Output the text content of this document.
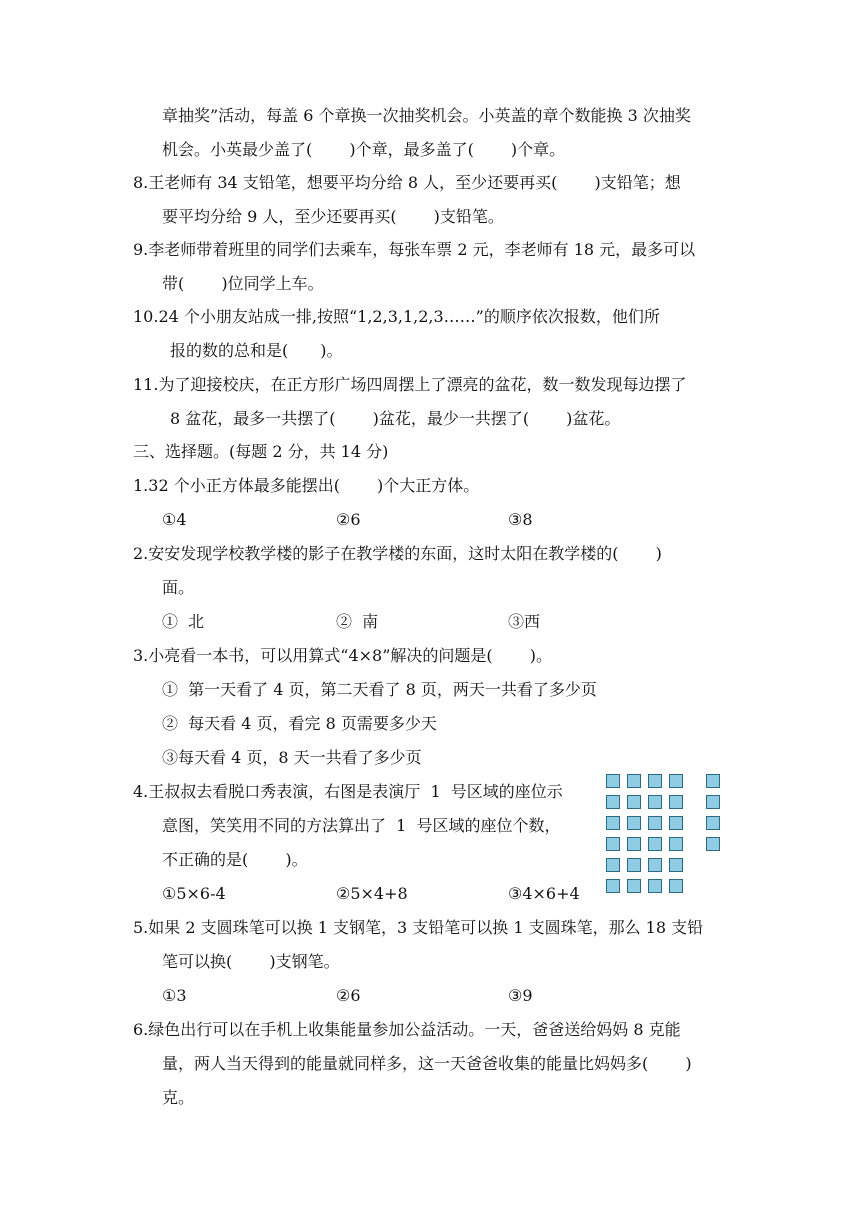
章抽奖”活动，每盖 6 个章换一次抽奖机会。小英盖的章个数能换 3 次抽奖
机会。小英最少盖了(　　 )个章，最多盖了(　　 )个章。
8.王老师有 34 支铅笔，想要平均分给 8 人，至少还要再买(　　 )支铅笔；想
要平均分给 9 人，至少还要再买(　　 )支铅笔。
9.李老师带着班里的同学们去乘车，每张车票 2 元，李老师有 18 元，最多可以
带(　　 )位同学上车。
10.24 个小朋友站成一排,按照“1,2,3,1,2,3……”的顺序依次报数，他们所
报的数的总和是(　　)。
11.为了迎接校庆，在正方形广场四周摆上了漂亮的盆花，数一数发现每边摆了
8 盆花，最多一共摆了(　　 )盆花，最少一共摆了(　　 )盆花。
三、选择题。(每题 2 分，共 14 分)
1.32 个小正方体最多能摆出(　　 )个大正方体。
①4	②6	③8
2.安安发现学校教学楼的影子在教学楼的东面，这时太阳在教学楼的(　　 )
面。
①  北	②  南	③西
3.小亮看一本书，可以用算式“4×8”解决的问题是(　　 )。
①  第一天看了 4 页，第二天看了 8 页，两天一共看了多少页
②  每天看 4 页，看完 8 页需要多少天
③每天看 4 页，8 天一共看了多少页
4.王叔叔去看脱口秀表演，右图是表演厅  1  号区域的座位示
意图，笑笑用不同的方法算出了  1  号区域的座位个数，
不正确的是(　　 )。
①5×6-4	②5×4+8	③4×6+4
5.如果 2 支圆珠笔可以换 1 支钢笔，3 支铅笔可以换 1 支圆珠笔，那么 18 支铅
笔可以换(　　 )支钢笔。
①3	②6	③9
6.绿色出行可以在手机上收集能量参加公益活动。一天，爸爸送给妈妈 8 克能
量，两人当天得到的能量就同样多，这一天爸爸收集的能量比妈妈多(　　 )
克。
